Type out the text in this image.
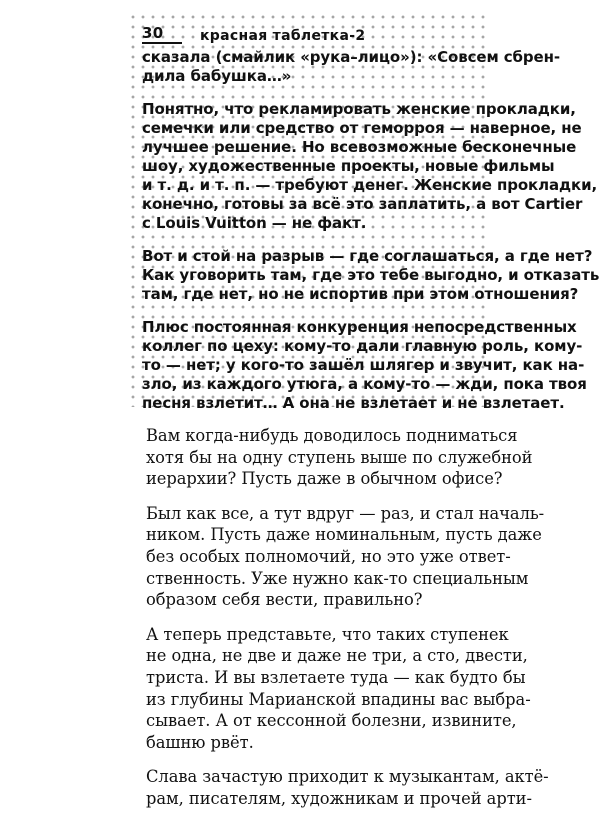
30	красная таблетка-2

сказала (смайлик «рука–лицо»): «Совсем сбрен-
дила бабушка…»

Понятно, что рекламировать женские прокладки,
семечки или средство от геморроя — наверное, не
лучшее решение. Но всевозможные бесконечные
шоу, художественные проекты, новые фильмы
и т. д. и т. п. — требуют денег. Женские прокладки,
конечно, готовы за всё это заплатить, а вот Cartier
с Louis Vuitton — не факт.

Вот и стой на разрыв — где соглашаться, а где нет?
Как уговорить там, где это тебе выгодно, и отказать
там, где нет, но не испортив при этом отношения?

Плюс постоянная конкуренция непосредственных
коллег по цеху: кому-то дали главную роль, кому-
то — нет; у кого-то зашёл шлягер и звучит, как на-
зло, из каждого утюга, а кому-то — жди, пока твоя
песня взлетит… А она не взлетает и не взлетает.

Вам когда-нибудь доводилось подниматься
хотя бы на одну ступень выше по служебной
иерархии? Пусть даже в обычном офисе?

Был как все, а тут вдруг — раз, и стал началь-
ником. Пусть даже номинальным, пусть даже
без особых полномочий, но это уже ответ-
ственность. Уже нужно как-то специальным
образом себя вести, правильно?

А теперь представьте, что таких ступенек
не одна, не две и даже не три, а сто, двести,
триста. И вы взлетаете туда — как будто бы
из глубины Марианской впадины вас выбра-
сывает. А от кессонной болезни, извините,
башню рвёт.

Слава зачастую приходит к музыкантам, актё-
рам, писателям, художникам и прочей арти-
